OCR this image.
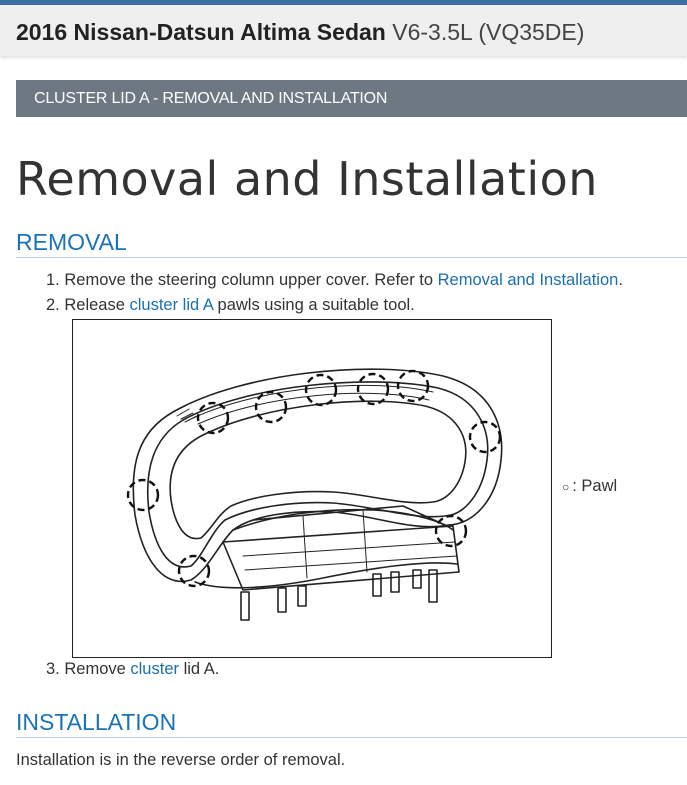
2016 Nissan-Datsun Altima Sedan V6-3.5L (VQ35DE)
CLUSTER LID A - REMOVAL AND INSTALLATION
Removal and Installation
REMOVAL
1. Remove the steering column upper cover. Refer to Removal and Installation.
2. Release cluster lid A pawls using a suitable tool.
○ : Pawl
3. Remove cluster lid A.
INSTALLATION
Installation is in the reverse order of removal.
